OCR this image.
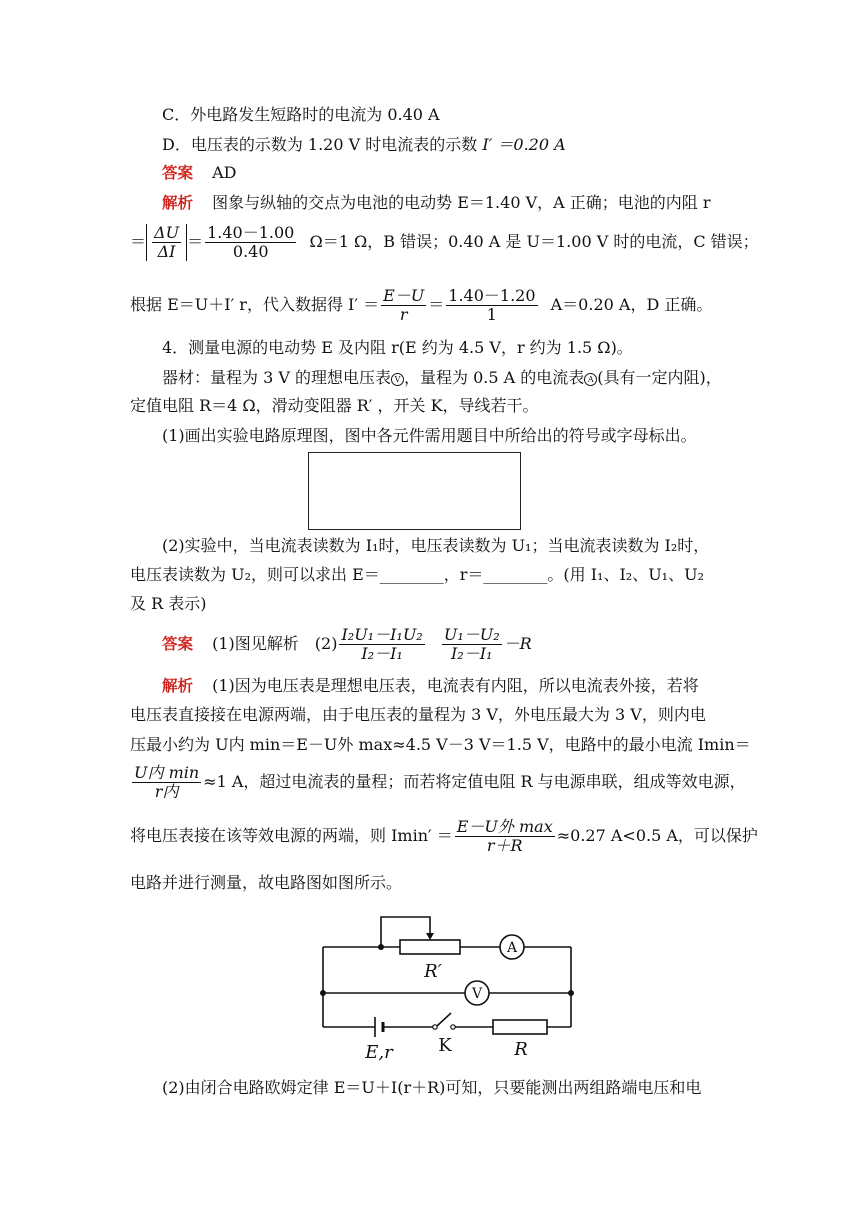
C．外电路发生短路时的电流为 0.40 A
D．电压表的示数为 1.20 V 时电流表的示数 I′ ＝0.20 A
答案 AD
解析 图象与纵轴的交点为电池的电动势 E＝1.40 V，A 正确；电池的内阻 r
＝ $\frac{\Delta U}{\Delta I} = \frac{1.40-1.00}{0.40} \Omega=1$ Ω，B 错误；0.40 A 是 U＝1.00 V 时的电流，C 错误；
根据 E＝U＋I′ r，代入数据得 $I' = \frac{E-U}{r} = \frac{1.40-1.20}{1} A=0.20$ A，D 正确。
4．测量电源的电动势 E 及内阻 r(E 约为 4.5 V，r 约为 1.5 Ω)。
器材：量程为 3 V 的理想电压表 V ，量程为 0.5 A 的电流表 A (具有一定内阻)，
定值电阻 R＝4 Ω，滑动变阻器 R′ ，开关 K，导线若干。
(1)画出实验电路原理图，图中各元件需用题目中所给出的符号或字母标出。
(2)实验中，当电流表读数为 I₁时，电压表读数为 U₁；当电流表读数为 I₂时，
电压表读数为 U₂，则可以求出 E＝________，r＝________。(用 I₁、I₂、U₁、U₂
及 R 表示)
答案 (1)图见解析　$(2) \frac{\text{I₂U₁－I₁U₂}}{\text{I₂－I₁}}$
$\frac{\text{U₁－U₂}}{\text{I₂－I₁}} -R$
解析 (1)因为电压表是理想电压表，电流表有内阻，所以电流表外接，若将
电压表直接接在电源两端，由于电压表的量程为 3 V，外电压最大为 3 V，则内电
压最小约为 U内 min＝E－U外 max≈4.5 V－3 V＝1.5 V，电路中的最小电流 Imin＝
$\frac{\text{U内 min}}{\text{r内}} \approx 1$ A，超过电流表的量程；而若将定值电阻 R 与电源串联，组成等效电源，
将电压表接在该等效电源的两端，则 $Imin' = \frac{\text{E－U外 max}}{r+R} \approx 0.27$ A<0.5 A，可以保护
电路并进行测量，故电路图如图所示。
A
V
R′
E,r	K	R
(2)由闭合电路欧姆定律 E＝U＋I(r＋R)可知，只要能测出两组路端电压和电
